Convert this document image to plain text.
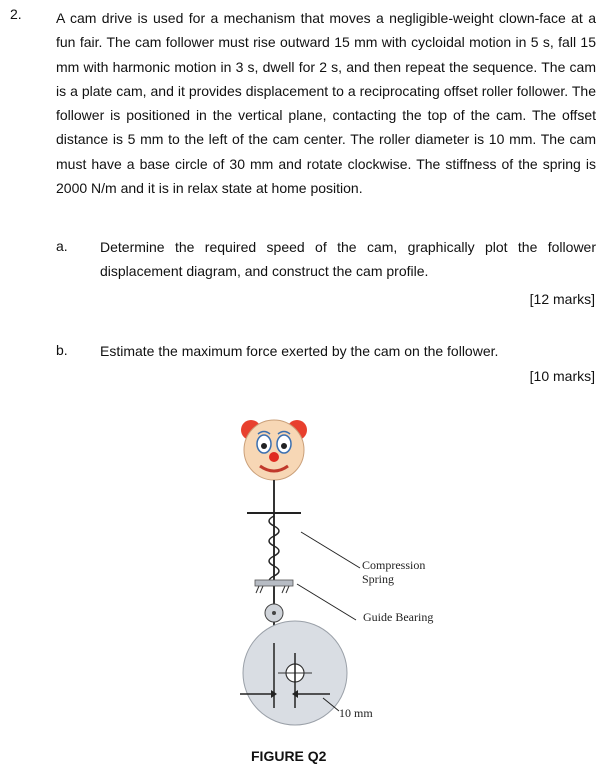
2. A cam drive is used for a mechanism that moves a negligible-weight clown-face at a fun fair. The cam follower must rise outward 15 mm with cycloidal motion in 5 s, fall 15 mm with harmonic motion in 3 s, dwell for 2 s, and then repeat the sequence. The cam is a plate cam, and it provides displacement to a reciprocating offset roller follower. The follower is positioned in the vertical plane, contacting the top of the cam. The offset distance is 5 mm to the left of the cam center. The roller diameter is 10 mm. The cam must have a base circle of 30 mm and rotate clockwise. The stiffness of the spring is 2000 N/m and it is in relax state at home position.
a. Determine the required speed of the cam, graphically plot the follower displacement diagram, and construct the cam profile.
[12 marks]
b. Estimate the maximum force exerted by the cam on the follower.
[10 marks]
Compression
Spring
Guide Bearing
10 mm
FIGURE Q2
